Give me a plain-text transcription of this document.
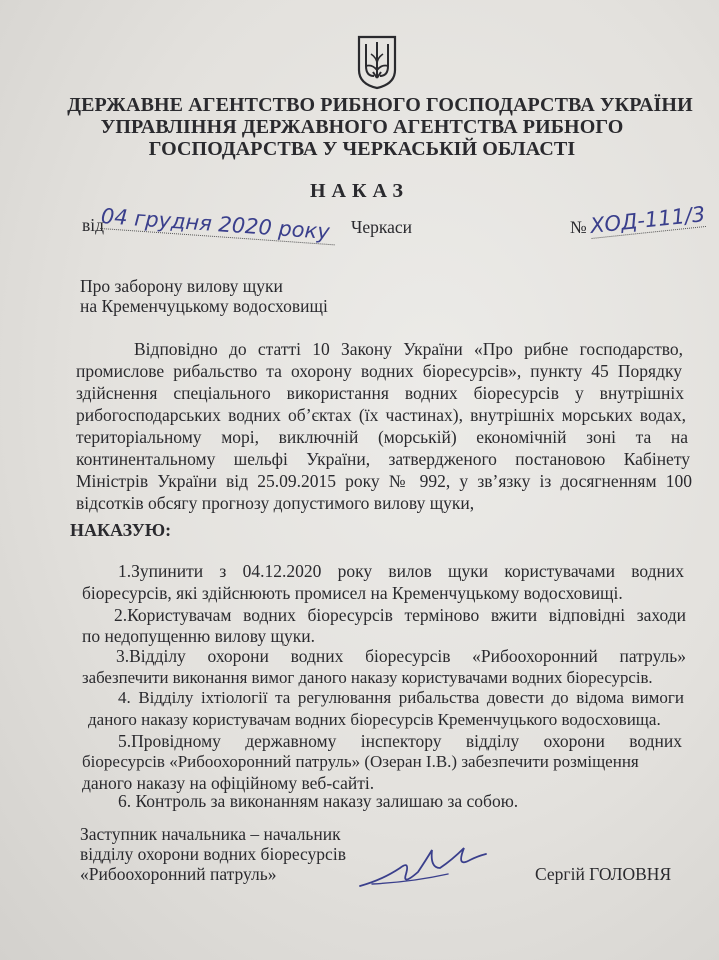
ДЕРЖАВНЕ АГЕНТСТВО РИБНОГО ГОСПОДАРСТВА УКРАЇНИ
УПРАВЛІННЯ ДЕРЖАВНОГО АГЕНТСТВА РИБНОГО
ГОСПОДАРСТВА У ЧЕРКАСЬКІЙ ОБЛАСТІ
НАКАЗ
від
04 грудня 2020 року	Черкаси	№ ХОД-111/3
Про заборону вилову щуки
на Кременчуцькому водосховищі
Відповідно до статті 10 Закону України «Про рибне господарство,
промислове рибальство та охорону водних біоресурсів», пункту 45 Порядку
здійснення спеціального використання водних біоресурсів у внутрішніх
рибогосподарських водних об’єктах (їх частинах), внутрішніх морських водах,
територіальному морі, виключній (морській) економічній зоні та на
континентальному шельфі України, затвердженого постановою Кабінету
Міністрів України від 25.09.2015 року № 992, у зв’язку із досягненням 100
відсотків обсягу прогнозу допустимого вилову щуки,
НАКАЗУЮ:
1.Зупинити з 04.12.2020 року вилов щуки користувачами водних
біоресурсів, які здійснюють промисел на Кременчуцькому водосховищі.
2.Користувачам водних біоресурсів терміново вжити відповідні заходи
по недопущенню вилову щуки.
3.Відділу охорони водних біоресурсів «Рибоохоронний патруль»
забезпечити виконання вимог даного наказу користувачами водних біоресурсів.
4. Відділу іхтіології та регулювання рибальства довести до відома вимоги
даного наказу користувачам водних біоресурсів Кременчуцького водосховища.
5.Провідному державному інспектору відділу охорони водних
біоресурсів «Рибоохоронний патруль» (Озеран І.В.) забезпечити розміщення
даного наказу на офіційному веб-сайті.
6. Контроль за виконанням наказу залишаю за собою.
Заступник начальника – начальник
відділу охорони водних біоресурсів
«Рибоохоронний патруль»	Сергій ГОЛОВНЯ
